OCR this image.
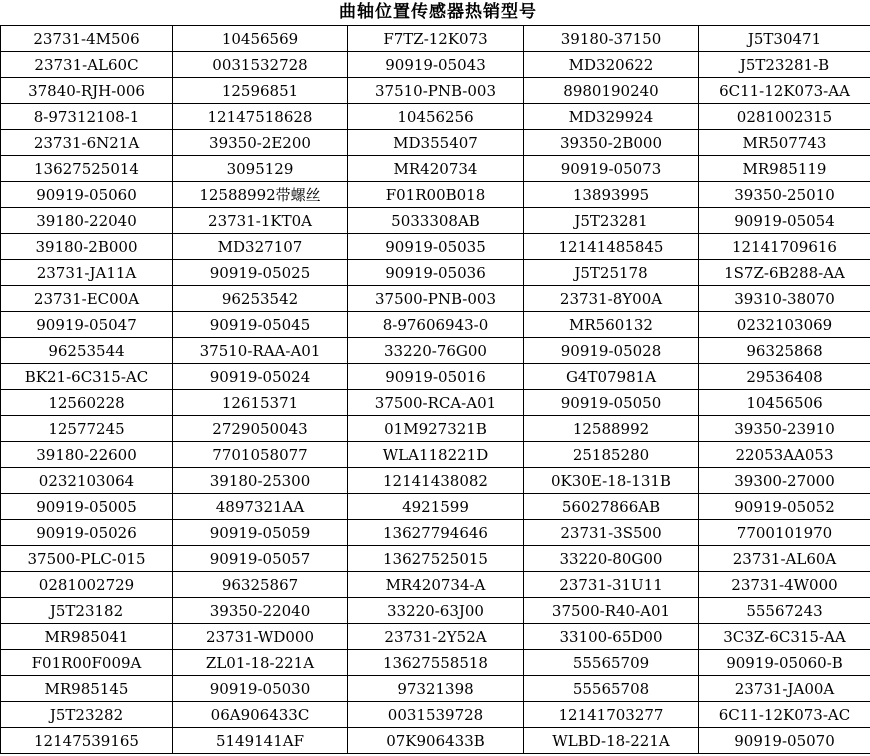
曲轴位置传感器热销型号
23731-4M506	10456569	F7TZ-12K073	39180-37150	J5T30471
23731-AL60C	0031532728	90919-05043	MD320622	J5T23281-B
37840-RJH-006	12596851	37510-PNB-003	8980190240	6C11-12K073-AA
8-97312108-1	12147518628	10456256	MD329924	0281002315
23731-6N21A	39350-2E200	MD355407	39350-2B000	MR507743
13627525014	3095129	MR420734	90919-05073	MR985119
90919-05060	12588992带螺丝	F01R00B018	13893995	39350-25010
39180-22040	23731-1KT0A	5033308AB	J5T23281	90919-05054
39180-2B000	MD327107	90919-05035	12141485845	12141709616
23731-JA11A	90919-05025	90919-05036	J5T25178	1S7Z-6B288-AA
23731-EC00A	96253542	37500-PNB-003	23731-8Y00A	39310-38070
90919-05047	90919-05045	8-97606943-0	MR560132	0232103069
96253544	37510-RAA-A01	33220-76G00	90919-05028	96325868
BK21-6C315-AC	90919-05024	90919-05016	G4T07981A	29536408
12560228	12615371	37500-RCA-A01	90919-05050	10456506
12577245	2729050043	01M927321B	12588992	39350-23910
39180-22600	7701058077	WLA118221D	25185280	22053AA053
0232103064	39180-25300	12141438082	0K30E-18-131B	39300-27000
90919-05005	4897321AA	4921599	56027866AB	90919-05052
90919-05026	90919-05059	13627794646	23731-3S500	7700101970
37500-PLC-015	90919-05057	13627525015	33220-80G00	23731-AL60A
0281002729	96325867	MR420734-A	23731-31U11	23731-4W000
J5T23182	39350-22040	33220-63J00	37500-R40-A01	55567243
MR985041	23731-WD000	23731-2Y52A	33100-65D00	3C3Z-6C315-AA
F01R00F009A	ZL01-18-221A	13627558518	55565709	90919-05060-B
MR985145	90919-05030	97321398	55565708	23731-JA00A
J5T23282	06A906433C	0031539728	12141703277	6C11-12K073-AC
12147539165	5149141AF	07K906433B	WLBD-18-221A	90919-05070
